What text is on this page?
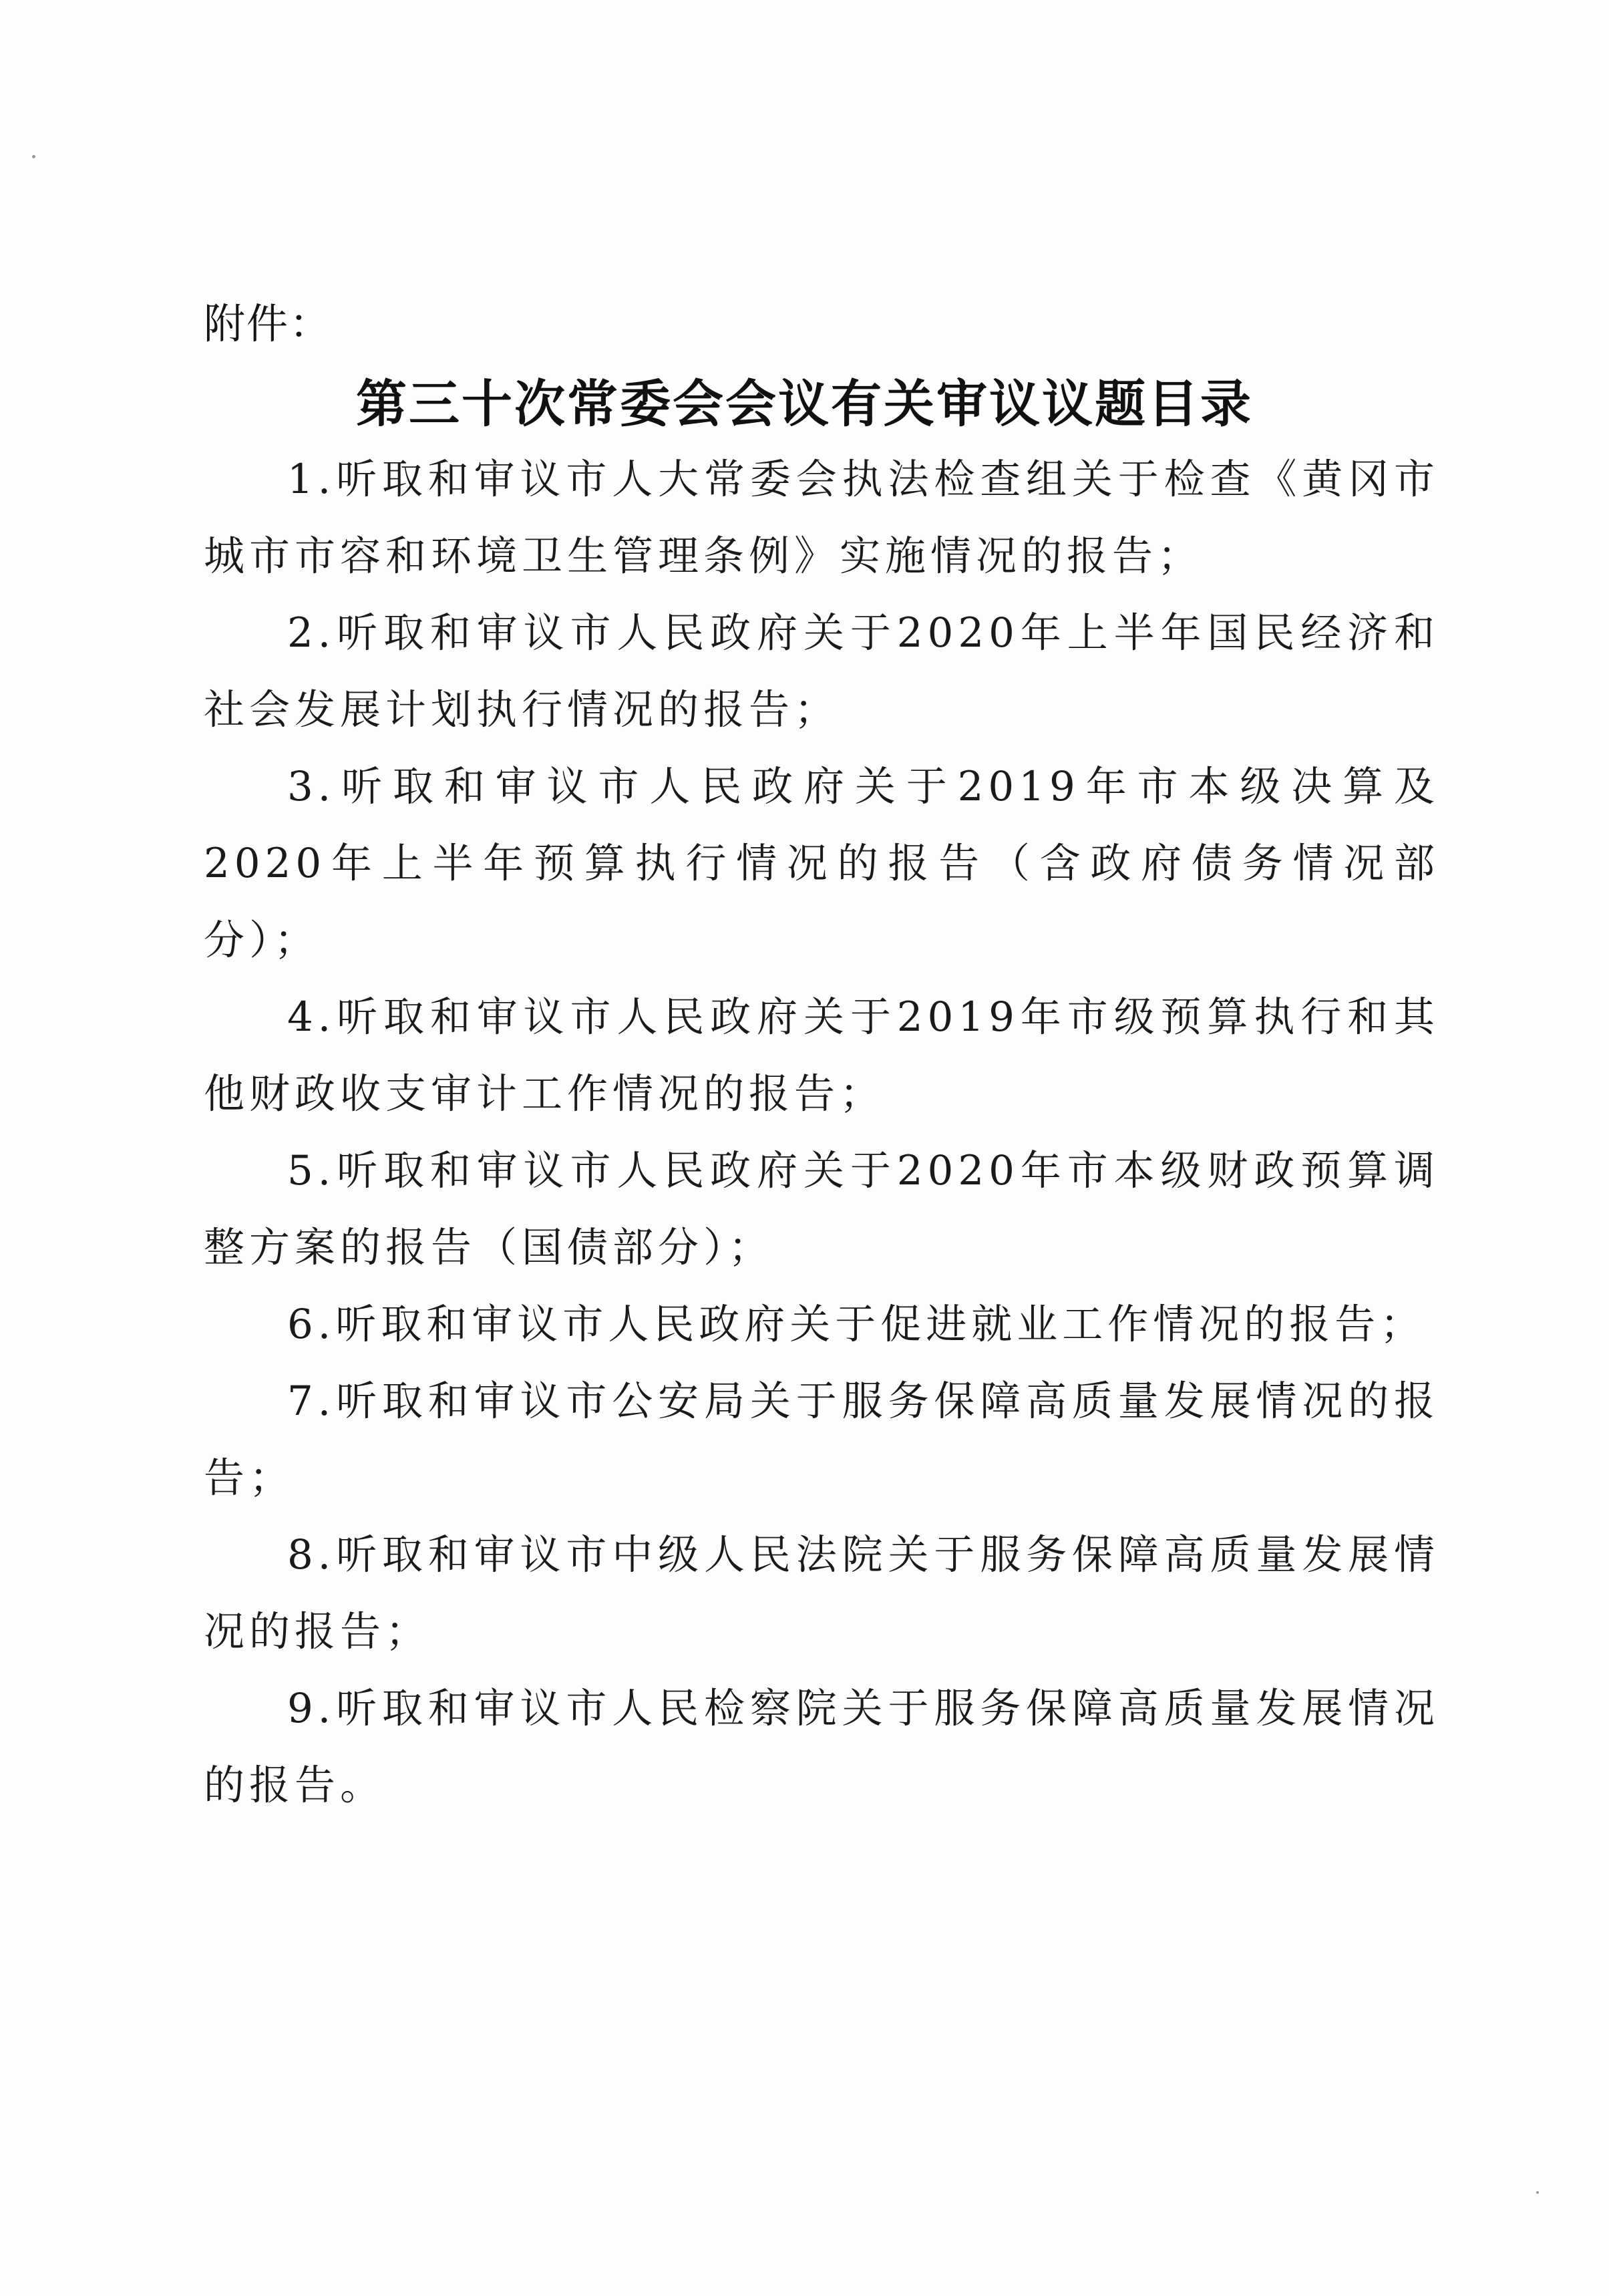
附件：
第三十次常委会会议有关审议议题目录
1.听取和审议市人大常委会执法检查组关于检查《黄冈市城市市容和环境卫生管理条例》实施情况的报告；
2.听取和审议市人民政府关于2020年上半年国民经济和社会发展计划执行情况的报告；
3.听取和审议市人民政府关于2019年市本级决算及2020年上半年预算执行情况的报告（含政府债务情况部分）；
4.听取和审议市人民政府关于2019年市级预算执行和其他财政收支审计工作情况的报告；
5.听取和审议市人民政府关于2020年市本级财政预算调整方案的报告（国债部分）；
6.听取和审议市人民政府关于促进就业工作情况的报告；
7.听取和审议市公安局关于服务保障高质量发展情况的报告；
8.听取和审议市中级人民法院关于服务保障高质量发展情况的报告；
9.听取和审议市人民检察院关于服务保障高质量发展情况的报告。
